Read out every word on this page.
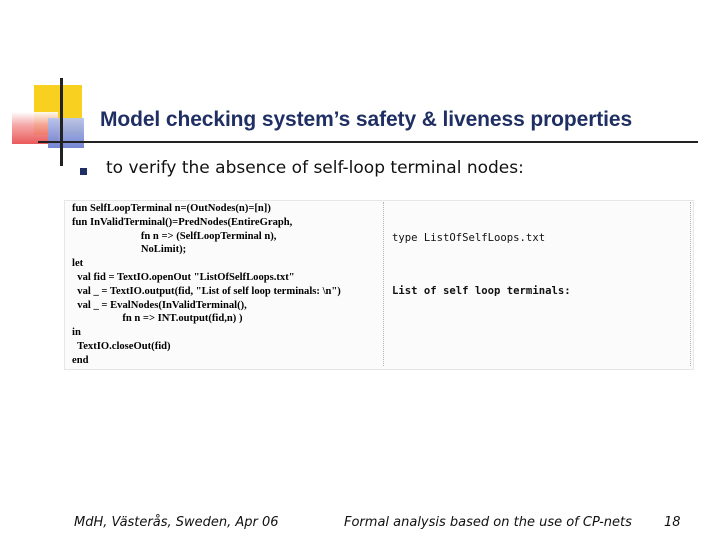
Model checking system’s safety & liveness properties
to verify the absence of self-loop terminal nodes:
fun SelfLoopTerminal n=(OutNodes(n)=[n])
fun InValidTerminal()=PredNodes(EntireGraph,
fn n => (SelfLoopTerminal n),
NoLimit);
let
val fid = TextIO.openOut "ListOfSelfLoops.txt"
val _ = TextIO.output(fid, "List of self loop terminals: \n")
val _ = EvalNodes(InValidTerminal(),
fn n => INT.output(fid,n) )
in
TextIO.closeOut(fid)
end

type ListOfSelfLoops.txt

List of self loop terminals:

MdH, Västerås, Sweden, Apr 06	Formal analysis based on the use of CP-nets 18
